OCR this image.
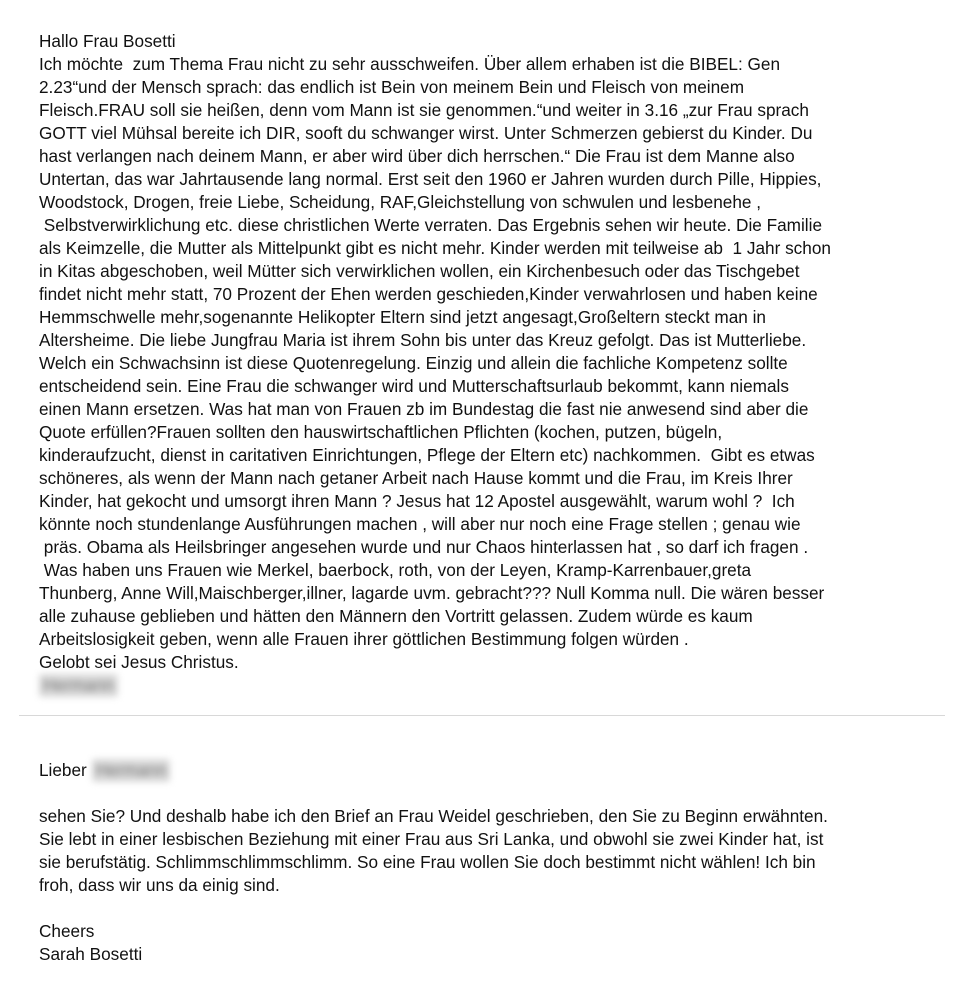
Hallo Frau Bosetti
Ich möchte  zum Thema Frau nicht zu sehr ausschweifen. Über allem erhaben ist die BIBEL: Gen
2.23“und der Mensch sprach: das endlich ist Bein von meinem Bein und Fleisch von meinem
Fleisch.FRAU soll sie heißen, denn vom Mann ist sie genommen.“und weiter in 3.16 „zur Frau sprach
GOTT viel Mühsal bereite ich DIR, sooft du schwanger wirst. Unter Schmerzen gebierst du Kinder. Du
hast verlangen nach deinem Mann, er aber wird über dich herrschen.“ Die Frau ist dem Manne also
Untertan, das war Jahrtausende lang normal. Erst seit den 1960 er Jahren wurden durch Pille, Hippies,
Woodstock, Drogen, freie Liebe, Scheidung, RAF,Gleichstellung von schwulen und lesbenehe ,
Selbstverwirklichung etc. diese christlichen Werte verraten. Das Ergebnis sehen wir heute. Die Familie
als Keimzelle, die Mutter als Mittelpunkt gibt es nicht mehr. Kinder werden mit teilweise ab  1 Jahr schon
in Kitas abgeschoben, weil Mütter sich verwirklichen wollen, ein Kirchenbesuch oder das Tischgebet
findet nicht mehr statt, 70 Prozent der Ehen werden geschieden,Kinder verwahrlosen und haben keine
Hemmschwelle mehr,sogenannte Helikopter Eltern sind jetzt angesagt,Großeltern steckt man in
Altersheime. Die liebe Jungfrau Maria ist ihrem Sohn bis unter das Kreuz gefolgt. Das ist Mutterliebe.
Welch ein Schwachsinn ist diese Quotenregelung. Einzig und allein die fachliche Kompetenz sollte
entscheidend sein. Eine Frau die schwanger wird und Mutterschaftsurlaub bekommt, kann niemals
einen Mann ersetzen. Was hat man von Frauen zb im Bundestag die fast nie anwesend sind aber die
Quote erfüllen?Frauen sollten den hauswirtschaftlichen Pflichten (kochen, putzen, bügeln,
kinderaufzucht, dienst in caritativen Einrichtungen, Pflege der Eltern etc) nachkommen.  Gibt es etwas
schöneres, als wenn der Mann nach getaner Arbeit nach Hause kommt und die Frau, im Kreis Ihrer
Kinder, hat gekocht und umsorgt ihren Mann ? Jesus hat 12 Apostel ausgewählt, warum wohl ?  Ich
könnte noch stundenlange Ausführungen machen , will aber nur noch eine Frage stellen ; genau wie
präs. Obama als Heilsbringer angesehen wurde und nur Chaos hinterlassen hat , so darf ich fragen .
Was haben uns Frauen wie Merkel, baerbock, roth, von der Leyen, Kramp-Karrenbauer,greta
Thunberg, Anne Will,Maischberger,illner, lagarde uvm. gebracht??? Null Komma null. Die wären besser
alle zuhause geblieben und hätten den Männern den Vortritt gelassen. Zudem würde es kaum
Arbeitslosigkeit geben, wenn alle Frauen ihrer göttlichen Bestimmung folgen würden .
Gelobt sei Jesus Christus.
Hermann
Lieber Hermann
sehen Sie? Und deshalb habe ich den Brief an Frau Weidel geschrieben, den Sie zu Beginn erwähnten.
Sie lebt in einer lesbischen Beziehung mit einer Frau aus Sri Lanka, und obwohl sie zwei Kinder hat, ist
sie berufstätig. Schlimmschlimmschlimm. So eine Frau wollen Sie doch bestimmt nicht wählen! Ich bin
froh, dass wir uns da einig sind.
Cheers
Sarah Bosetti
